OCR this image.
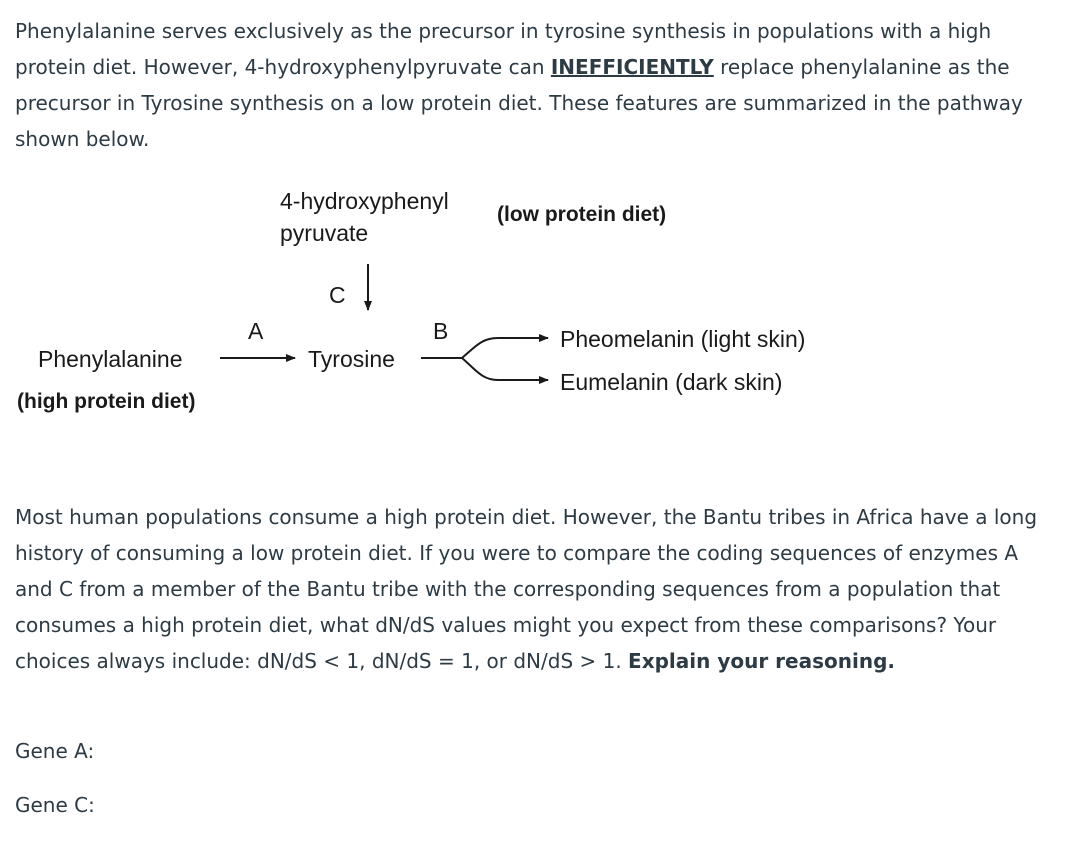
Phenylalanine serves exclusively as the precursor in tyrosine synthesis in populations with a high protein diet. However, 4-hydroxyphenylpyruvate can INEFFICIENTLY replace phenylalanine as the precursor in Tyrosine synthesis on a low protein diet. These features are summarized in the pathway shown below.

4-hydroxyphenyl
pyruvate
(low protein diet)
C
A	B
Phenylalanine
(high protein diet)
Tyrosine
Pheomelanin (light skin)
Eumelanin (dark skin)

Most human populations consume a high protein diet. However, the Bantu tribes in Africa have a long history of consuming a low protein diet. If you were to compare the coding sequences of enzymes A and C from a member of the Bantu tribe with the corresponding sequences from a population that consumes a high protein diet, what dN/dS values might you expect from these comparisons? Your choices always include: dN/dS < 1, dN/dS = 1, or dN/dS > 1. Explain your reasoning.

Gene A:
Gene C:
